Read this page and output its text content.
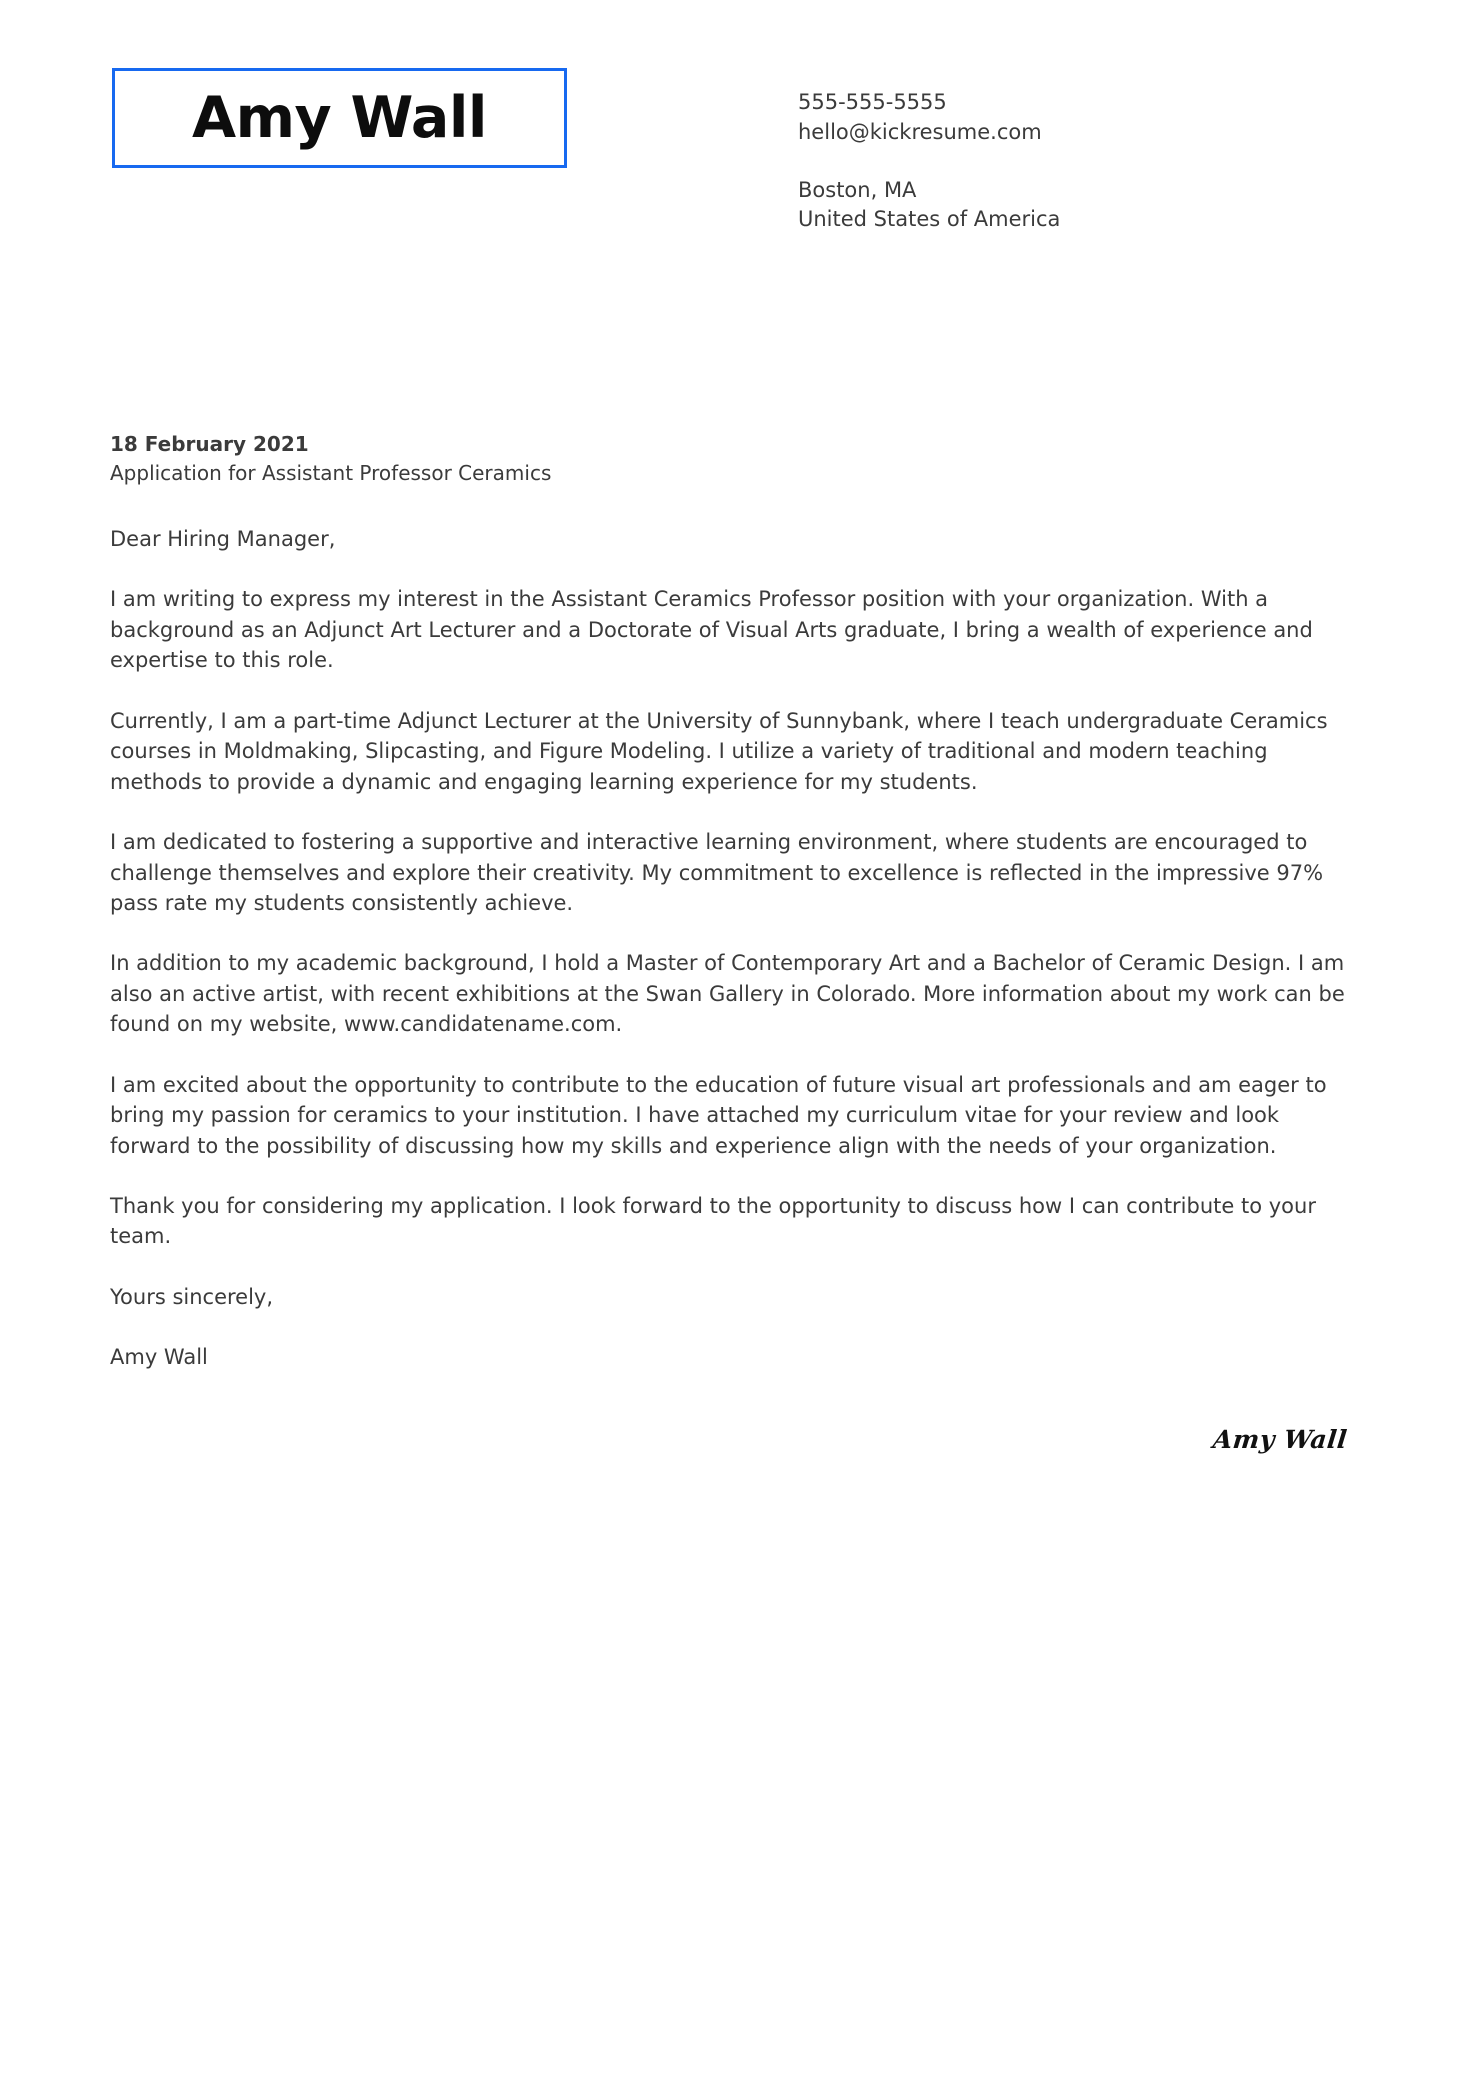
Amy Wall	555-555-5555
hello@kickresume.com
Boston, MA
United States of America
18 February 2021
Application for Assistant Professor Ceramics
Dear Hiring Manager,
I am writing to express my interest in the Assistant Ceramics Professor position with your organization. With a background as an Adjunct Art Lecturer and a Doctorate of Visual Arts graduate, I bring a wealth of experience and expertise to this role.
Currently, I am a part-time Adjunct Lecturer at the University of Sunnybank, where I teach undergraduate Ceramics courses in Moldmaking, Slipcasting, and Figure Modeling. I utilize a variety of traditional and modern teaching methods to provide a dynamic and engaging learning experience for my students.
I am dedicated to fostering a supportive and interactive learning environment, where students are encouraged to challenge themselves and explore their creativity. My commitment to excellence is reflected in the impressive 97% pass rate my students consistently achieve.
In addition to my academic background, I hold a Master of Contemporary Art and a Bachelor of Ceramic Design. I am also an active artist, with recent exhibitions at the Swan Gallery in Colorado. More information about my work can be found on my website, www.candidatename.com.
I am excited about the opportunity to contribute to the education of future visual art professionals and am eager to bring my passion for ceramics to your institution. I have attached my curriculum vitae for your review and look forward to the possibility of discussing how my skills and experience align with the needs of your organization.
Thank you for considering my application. I look forward to the opportunity to discuss how I can contribute to your team.
Yours sincerely,
Amy Wall
Amy Wall
